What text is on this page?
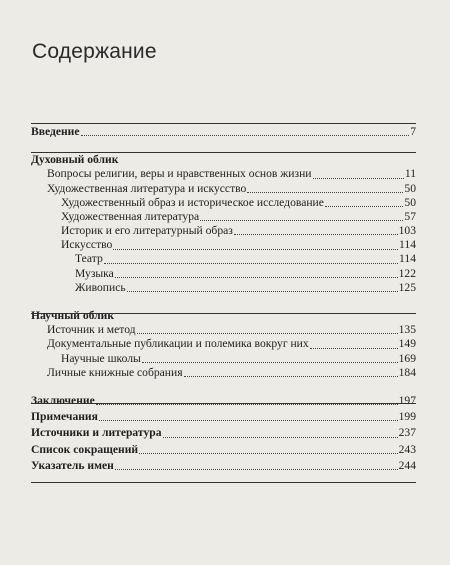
Содержание
Введение	7
Духовный облик
Вопросы религии, веры и нравственных основ жизни	11
Художественная литература и искусство	50
Художественный образ и историческое исследование	50
Художественная литература	57
Историк и его литературный образ	103
Искусство	114
Театр	114
Музыка	122
Живопись	125
Научный облик
Источник и метод	135
Документальные публикации и полемика вокруг них	149
Научные школы	169
Личные книжные собрания	184
Заключение	197
Примечания	199
Источники и литература	237
Список сокращений	243
Указатель имен	244
